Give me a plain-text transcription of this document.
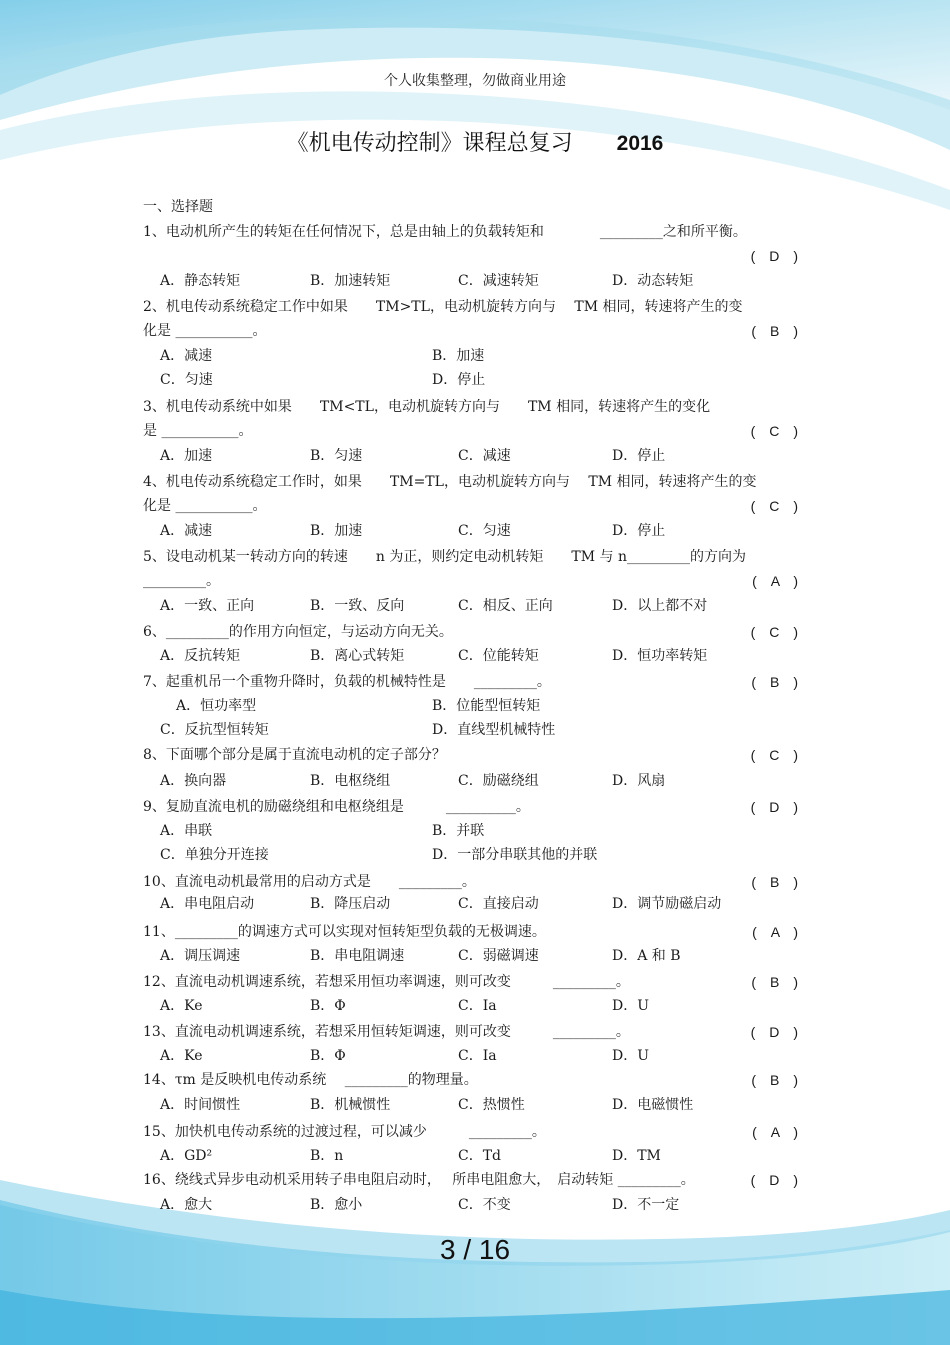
个人收集整理，勿做商业用途
《机电传动控制》课程总复习 2016
一、选择题
1、电动机所产生的转矩在任何情况下，总是由轴上的负载转矩和　　　　_________之和所平衡。
(　D　)
A．静态转矩	B．加速转矩	C．减速转矩	D．动态转矩
2、机电传动系统稳定工作中如果　　TM>TL，电动机旋转方向与　 TM 相同，转速将产生的变
化是 ___________。	(　B　)
A．减速	B．加速
C．匀速	D．停止
3、机电传动系统中如果　　TM<TL，电动机旋转方向与　　TM 相同，转速将产生的变化
是 ___________。	(　C　)
A．加速	B．匀速	C．减速	D．停止
4、机电传动系统稳定工作时，如果　　TM=TL，电动机旋转方向与　 TM 相同，转速将产生的变
化是 ___________。	(　C　)
A．减速	B．加速	C．匀速	D．停止
5、设电动机某一转动方向的转速　　n 为正，则约定电动机转矩　　TM 与 n_________的方向为
_________。	(　A　)
A．一致、正向	B．一致、反向	C．相反、正向	D．以上都不对
6、_________的作用方向恒定，与运动方向无关。	(　C　)
A．反抗转矩	B．离心式转矩	C．位能转矩	D．恒功率转矩
7、起重机吊一个重物升降时，负载的机械特性是　　_________。	(　B　)
A．恒功率型	B．位能型恒转矩
C．反抗型恒转矩	D．直线型机械特性
8、下面哪个部分是属于直流电动机的定子部分？	(　C　)
A．换向器	B．电枢绕组	C．励磁绕组	D．风扇
9、复励直流电机的励磁绕组和电枢绕组是　　　__________。	(　D　)
A．串联	B．并联
C．单独分开连接	D．一部分串联其他的并联
10、直流电动机最常用的启动方式是　　_________。	(　B　)
A．串电阻启动	B．降压启动	C．直接启动	D．调节励磁启动
11、_________的调速方式可以实现对恒转矩型负载的无极调速。	(　A　)
A．调压调速	B．串电阻调速	C．弱磁调速	D．A 和 B
12、直流电动机调速系统，若想采用恒功率调速，则可改变　　　_________。	(　B　)
A．Ke	B．Φ	C．Ia	D．U
13、直流电动机调速系统，若想采用恒转矩调速，则可改变　　　_________。	(　D　)
A．Ke	B．Φ	C．Ia	D．U
14、τm 是反映机电传动系统　 _________的物理量。	(　B　)
A．时间惯性	B．机械惯性	C．热惯性	D．电磁惯性
15、加快机电传动系统的过渡过程，可以减少　　　_________。	(　A　)
A．GD²	B．n	C．Td	D．TM
16、绕线式异步电动机采用转子串电阻启动时，　 所串电阻愈大，　启动转矩 _________。	(　D　)
A．愈大	B．愈小	C．不变	D．不一定
3 / 16
